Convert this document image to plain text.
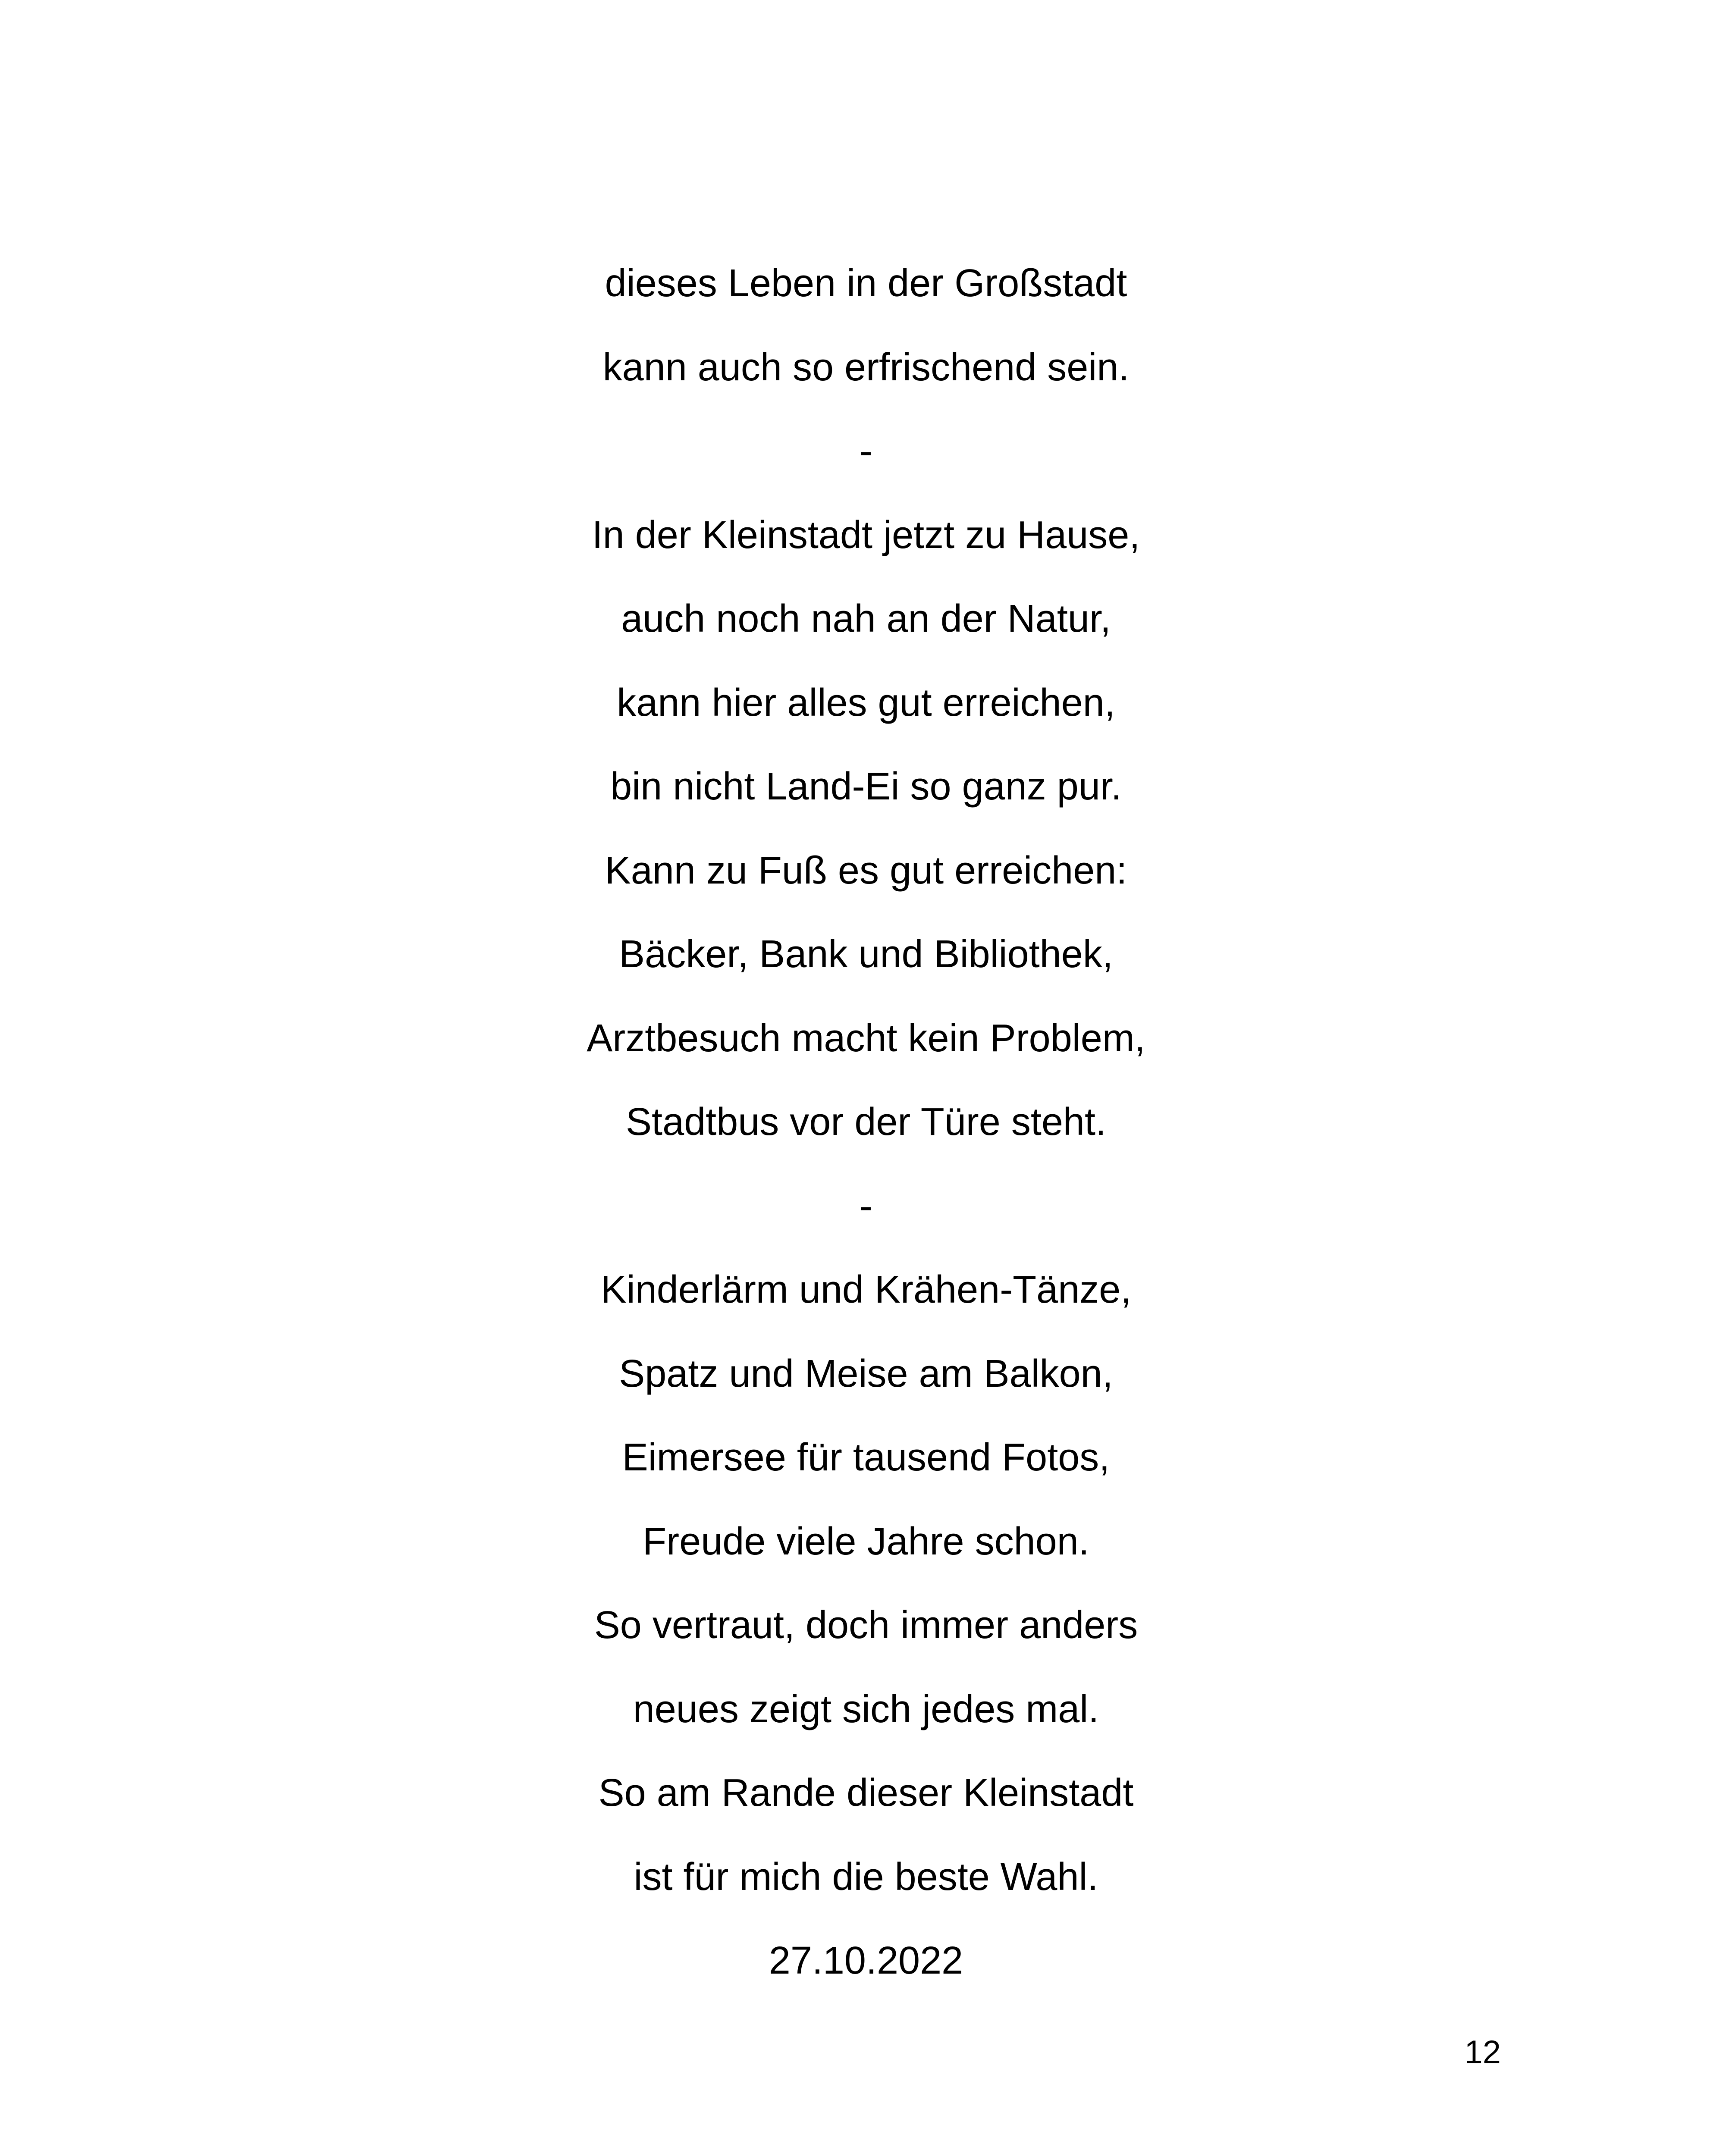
dieses Leben in der Großstadt
kann auch so erfrischend sein.
-
In der Kleinstadt jetzt zu Hause,
auch noch nah an der Natur,
kann hier alles gut erreichen,
bin nicht Land-Ei so ganz pur.
Kann zu Fuß es gut erreichen:
Bäcker, Bank und Bibliothek,
Arztbesuch macht kein Problem,
Stadtbus vor der Türe steht.
-
Kinderlärm und Krähen-Tänze,
Spatz und Meise am Balkon,
Eimersee für tausend Fotos,
Freude viele Jahre schon.
So vertraut, doch immer anders
neues zeigt sich jedes mal.
So am Rande dieser Kleinstadt
ist für mich die beste Wahl.
27.10.2022
12
